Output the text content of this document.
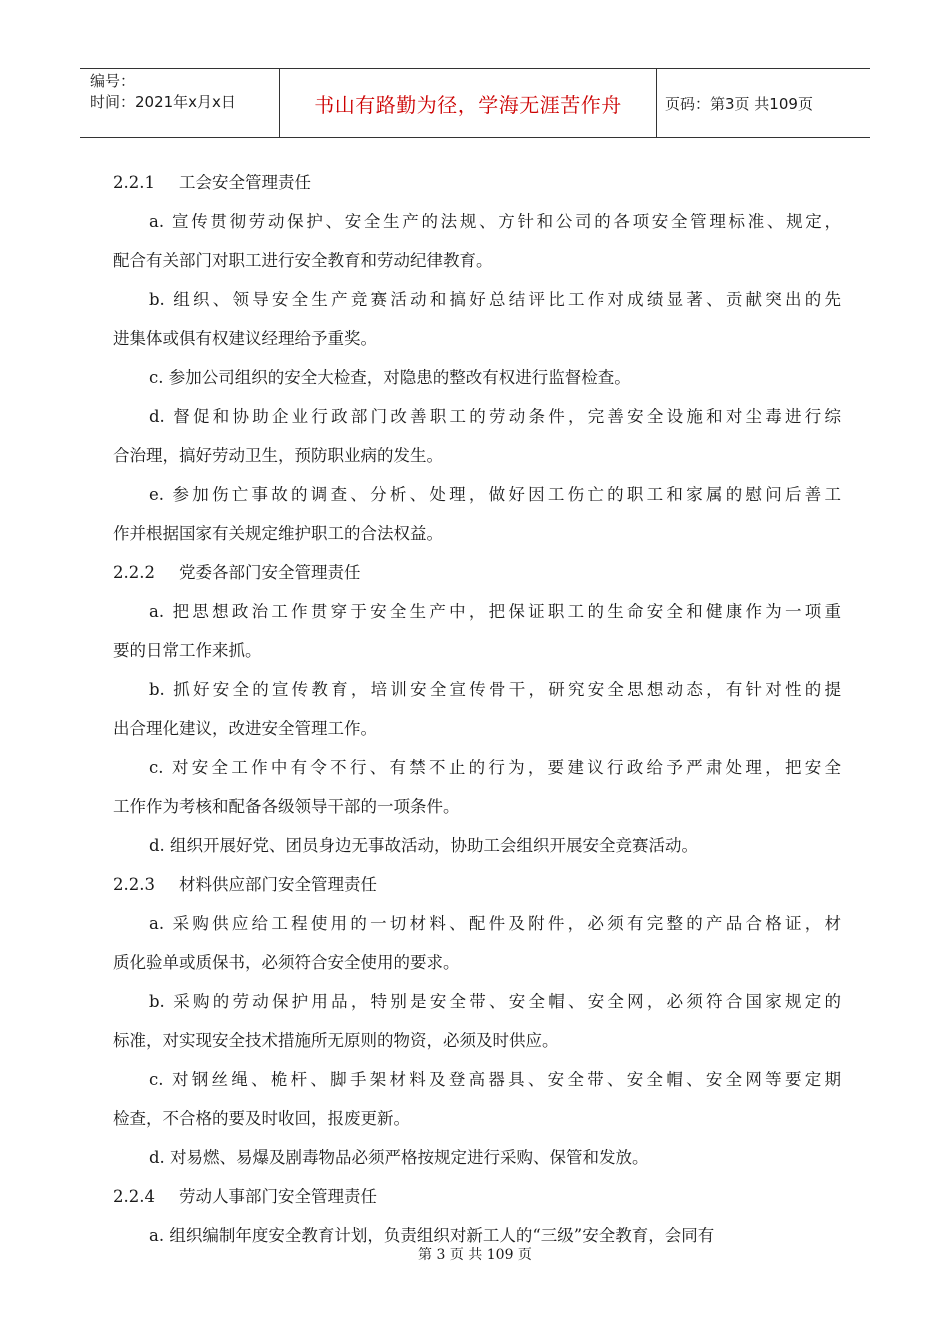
编号：
时间：2021年x月x日	书山有路勤为径，学海无涯苦作舟	页码：第3页 共109页
2.2.1 工会安全管理责任
a. 宣传贯彻劳动保护、安全生产的法规、方针和公司的各项安全管理标准、规定，
配合有关部门对职工进行安全教育和劳动纪律教育。
b. 组织、领导安全生产竞赛活动和搞好总结评比工作对成绩显著、贡献突出的先
进集体或俱有权建议经理给予重奖。
c. 参加公司组织的安全大检查，对隐患的整改有权进行监督检查。
d. 督促和协助企业行政部门改善职工的劳动条件，完善安全设施和对尘毒进行综
合治理，搞好劳动卫生，预防职业病的发生。
e. 参加伤亡事故的调查、分析、处理，做好因工伤亡的职工和家属的慰问后善工
作并根据国家有关规定维护职工的合法权益。
2.2.2 党委各部门安全管理责任
a. 把思想政治工作贯穿于安全生产中，把保证职工的生命安全和健康作为一项重
要的日常工作来抓。
b. 抓好安全的宣传教育，培训安全宣传骨干，研究安全思想动态，有针对性的提
出合理化建议，改进安全管理工作。
c. 对安全工作中有令不行、有禁不止的行为，要建议行政给予严肃处理，把安全
工作作为考核和配备各级领导干部的一项条件。
d. 组织开展好党、团员身边无事故活动，协助工会组织开展安全竞赛活动。
2.2.3 材料供应部门安全管理责任
a. 采购供应给工程使用的一切材料、配件及附件，必须有完整的产品合格证，材
质化验单或质保书，必须符合安全使用的要求。
b. 采购的劳动保护用品，特别是安全带、安全帽、安全网，必须符合国家规定的
标准，对实现安全技术措施所无原则的物资，必须及时供应。
c. 对钢丝绳、桅杆、脚手架材料及登高器具、安全带、安全帽、安全网等要定期
检查，不合格的要及时收回，报废更新。
d. 对易燃、易爆及剧毒物品必须严格按规定进行采购、保管和发放。
2.2.4 劳动人事部门安全管理责任
a. 组织编制年度安全教育计划，负责组织对新工人的“三级”安全教育，会同有
第 3 页 共 109 页
